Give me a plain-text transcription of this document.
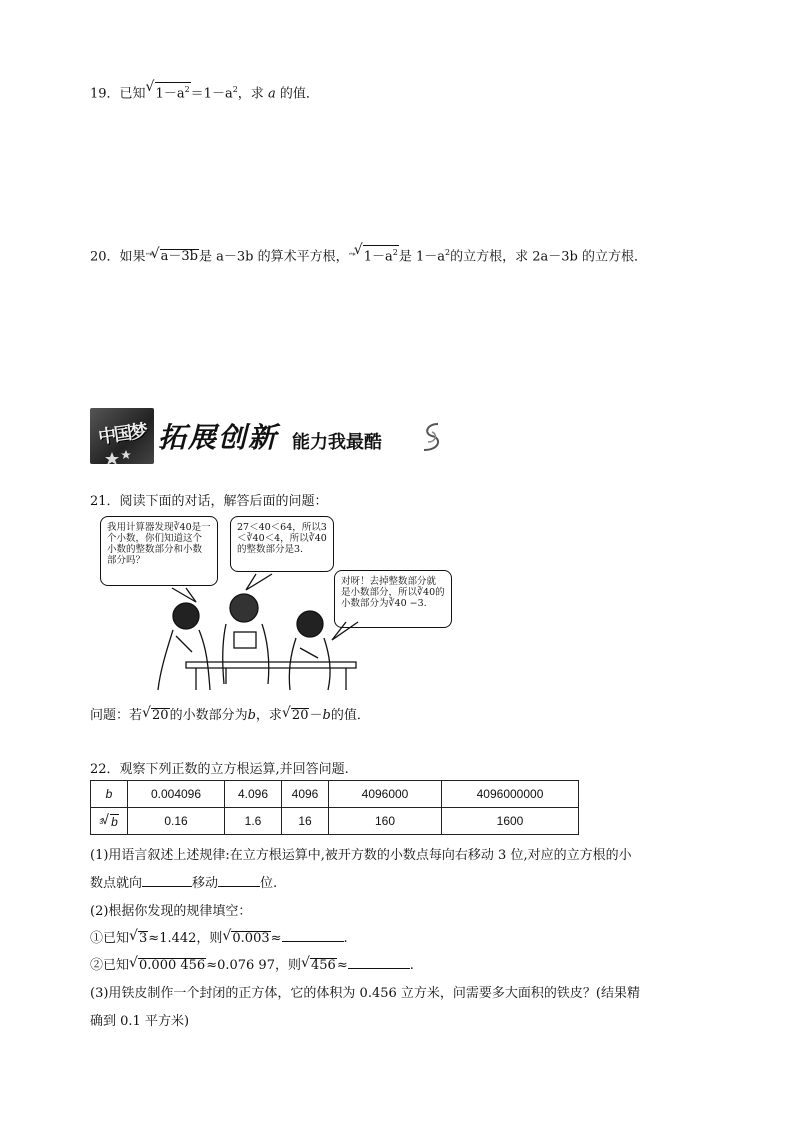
19．已知 √ $1-a^2=1-a^2$，求 a 的值．
20．如果“* √ a－3b是 a－3b 的算术平方根，“* √ $1-a^2$是 $1-a^2$的立方根，求 2a－3b 的立方根．
中国梦 拓展创新 能力我最酷
21．阅读下面的对话，解答后面的问题：
我用计算器发现∛40是一个小数，你们知道这个小数的整数部分和小数部分吗？
27＜40＜64，所以3＜∛40＜4，所以∛40的整数部分是3.
对呀！去掉整数部分就是小数部分，所以∛40的小数部分为∛40 −3.
问题：若 √ 20的小数部分为b，求 √ 20－b的值．
22．观察下列正数的立方根运算,并回答问题.
b	0.004096	4.096	4096	4096000	4096000000
3 √ b	0.16	1.6	16	160	1600
(1)用语言叙述上述规律:在立方根运算中,被开方数的小数点每向右移动 3 位,对应的立方根的小
数点就向	移动	位.
(2)根据你发现的规律填空：
①已知 √ 3≈1.442，则 √ 0.003≈	.
②已知 √ 0.000 456≈0.076 97，则 √ 456≈	.
(3)用铁皮制作一个封闭的正方体，它的体积为 0.456 立方米，问需要多大面积的铁皮？(结果精
确到 0.1 平方米)
